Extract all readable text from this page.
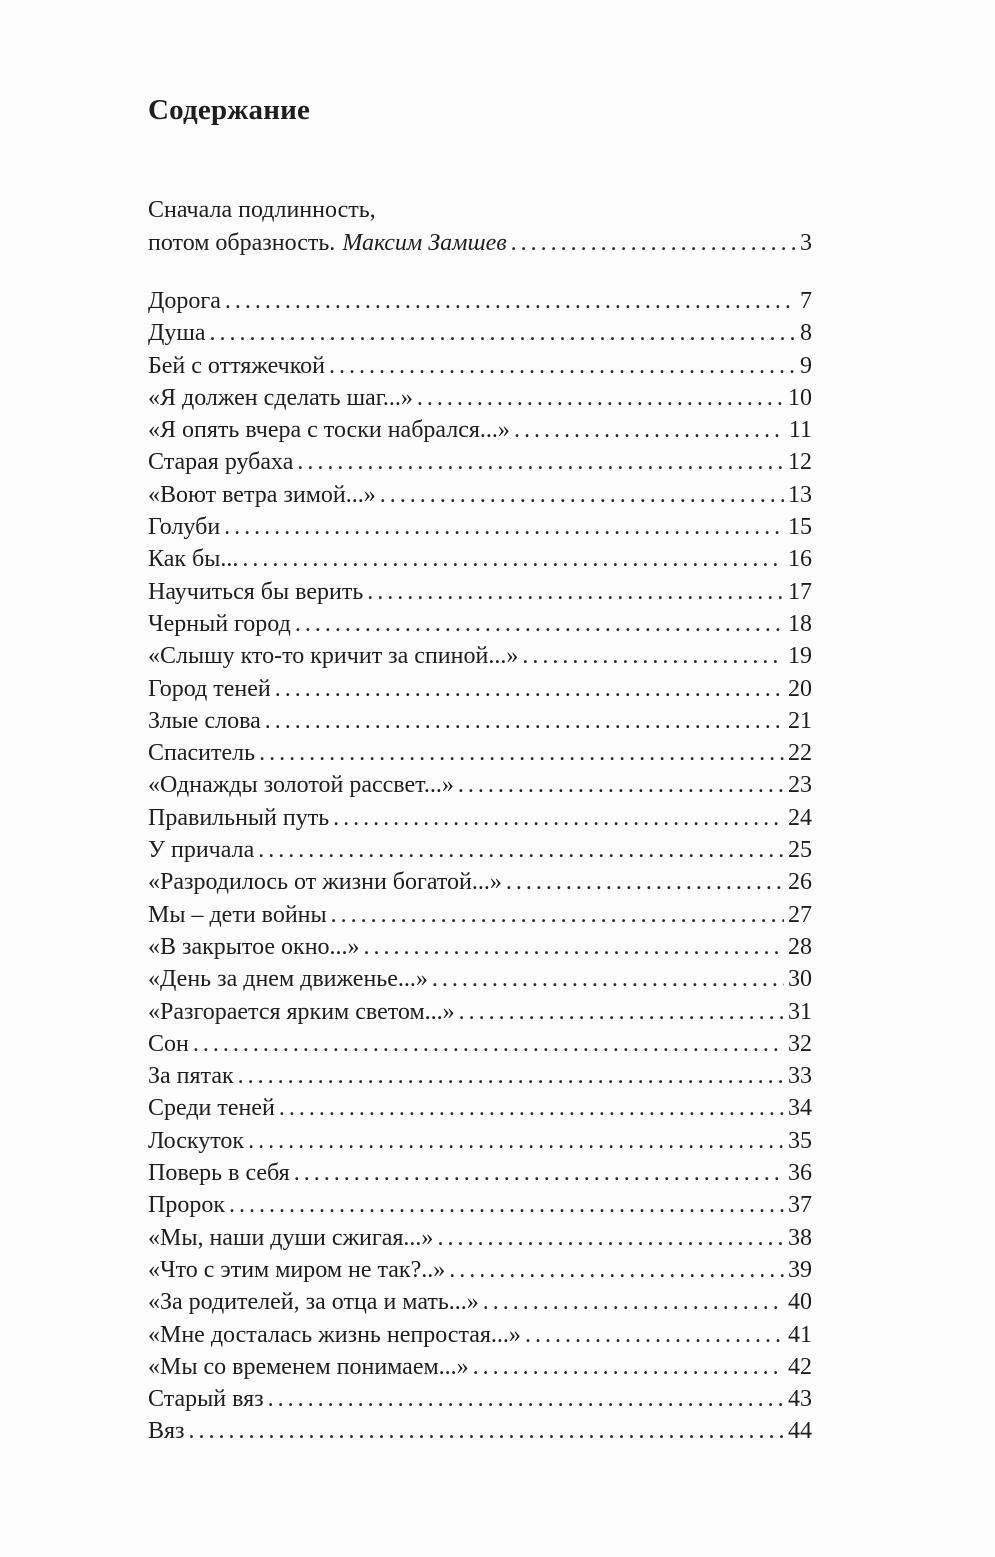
Содержание
Сначала подлинность,
потом образность. Максим Замшев . . .	3
Дорога . . .	7
Душа . . .	8
Бей с оттяжечкой . . .	9
«Я должен сделать шаг...» . . .	10
«Я опять вчера с тоски набрался...» . . .	11
Старая рубаха . . .	12
«Воют ветра зимой...» . . .	13
Голуби . . .	15
Как бы... . . .	16
Научиться бы верить . . .	17
Черный город . . .	18
«Слышу кто-то кричит за спиной...» . . .	19
Город теней . . .	20
Злые слова . . .	21
Спаситель . . .	22
«Однажды золотой рассвет...» . . .	23
Правильный путь . . .	24
У причала . . .	25
«Разродилось от жизни богатой...» . . .	26
Мы – дети войны . . .	27
«В закрытое окно...» . . .	28
«День за днем движенье...» . . .	30
«Разгорается ярким светом...» . . .	31
Сон . . .	32
За пятак . . .	33
Среди теней . . .	34
Лоскуток . . .	35
Поверь в себя . . .	36
Пророк . . .	37
«Мы, наши души сжигая...» . . .	38
«Что с этим миром не так?..» . . .	39
«За родителей, за отца и мать...» . . .	40
«Мне досталась жизнь непростая...» . . .	41
«Мы со временем понимаем...» . . .	42
Старый вяз . . .	43
Вяз . . .	44
